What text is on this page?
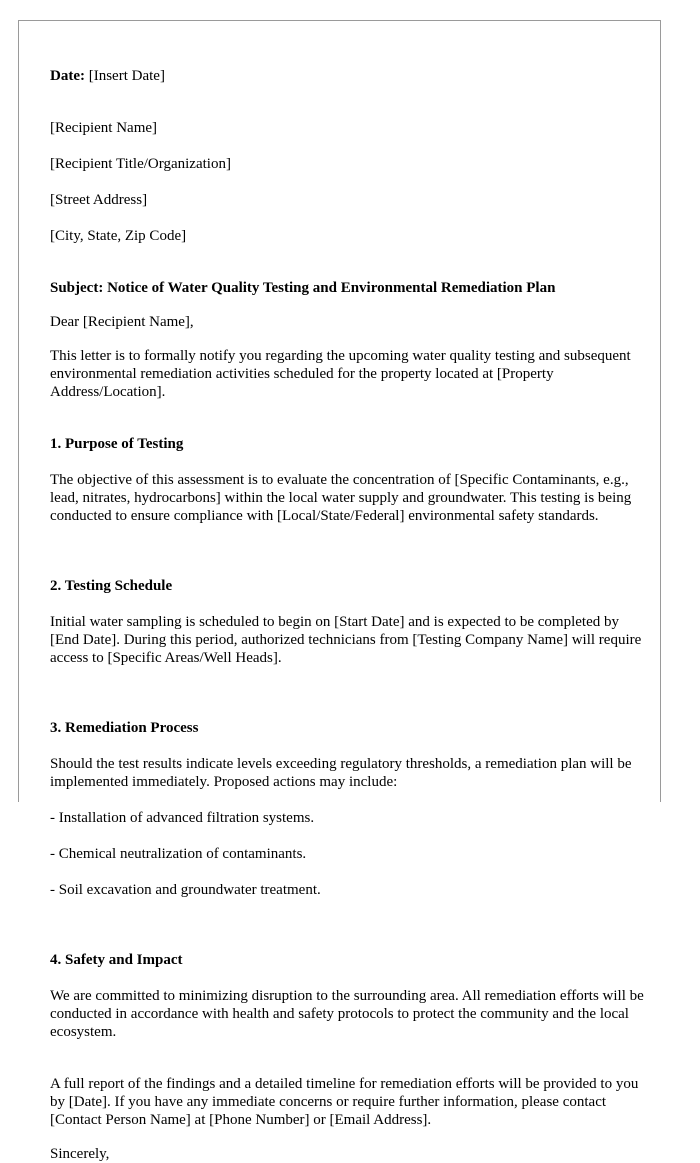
Date: [Insert Date]

[Recipient Name]

[Recipient Title/Organization]

[Street Address]

[City, State, Zip Code]

Subject: Notice of Water Quality Testing and Environmental Remediation Plan

Dear [Recipient Name],

This letter is to formally notify you regarding the upcoming water quality testing and subsequent environmental remediation activities scheduled for the property located at [Property Address/Location].

1. Purpose of Testing

The objective of this assessment is to evaluate the concentration of [Specific Contaminants, e.g., lead, nitrates, hydrocarbons] within the local water supply and groundwater. This testing is being conducted to ensure compliance with [Local/State/Federal] environmental safety standards.

2. Testing Schedule

Initial water sampling is scheduled to begin on [Start Date] and is expected to be completed by [End Date]. During this period, authorized technicians from [Testing Company Name] will require access to [Specific Areas/Well Heads].

3. Remediation Process

Should the test results indicate levels exceeding regulatory thresholds, a remediation plan will be implemented immediately. Proposed actions may include:

- Installation of advanced filtration systems.

- Chemical neutralization of contaminants.

- Soil excavation and groundwater treatment.

4. Safety and Impact

We are committed to minimizing disruption to the surrounding area. All remediation efforts will be conducted in accordance with health and safety protocols to protect the community and the local ecosystem.

A full report of the findings and a detailed timeline for remediation efforts will be provided to you by [Date]. If you have any immediate concerns or require further information, please contact [Contact Person Name] at [Phone Number] or [Email Address].

Sincerely,
